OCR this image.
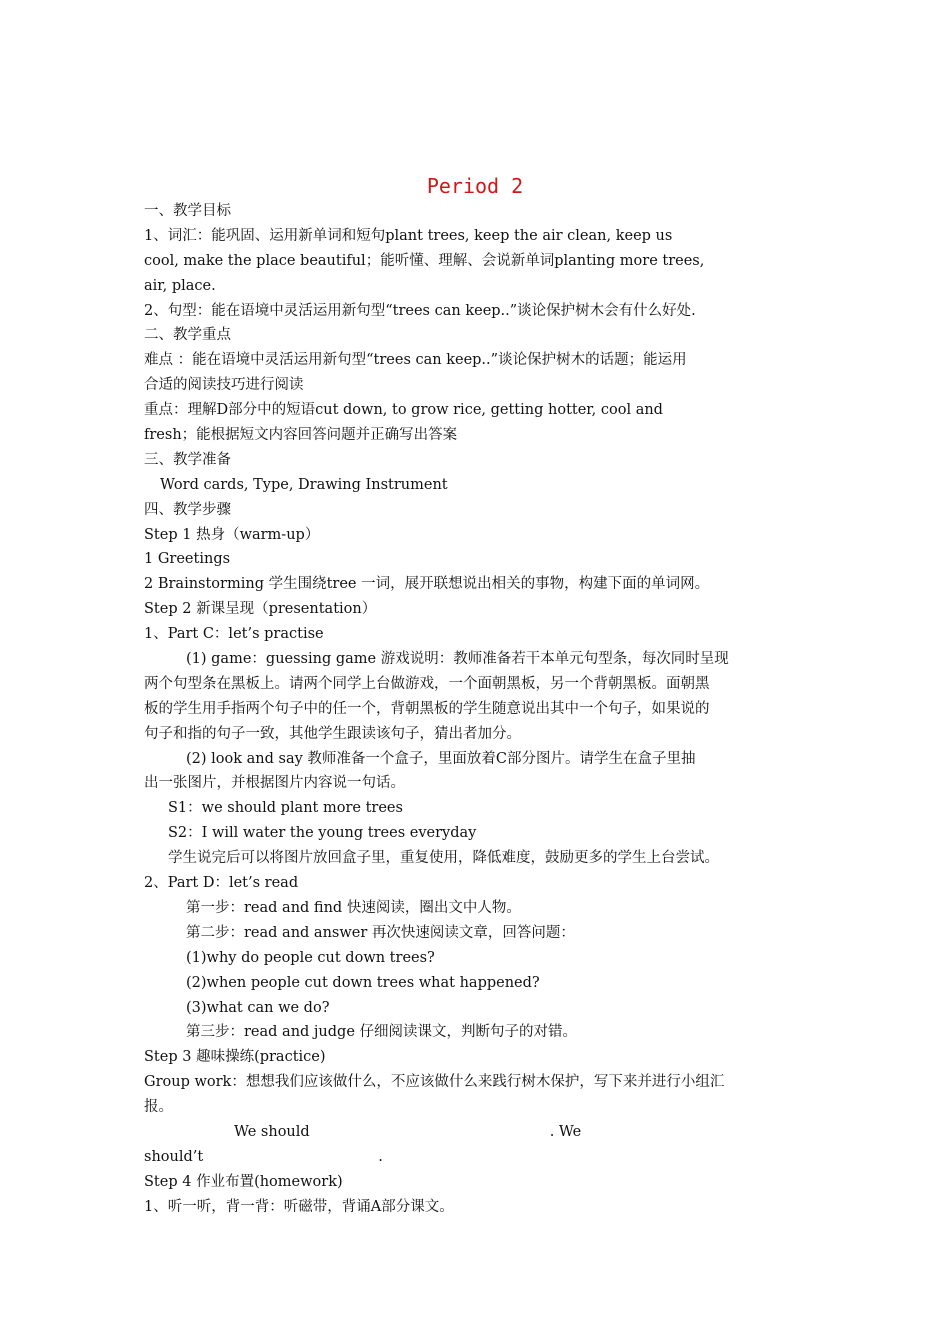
Period 2
一、教学目标
1、词汇：能巩固、运用新单词和短句plant trees, keep the air clean, keep us
cool, make the place beautiful；能听懂、理解、会说新单词planting more trees,
air, place.
2、句型：能在语境中灵活运用新句型“trees can keep..”谈论保护树木会有什么好处.
二、教学重点
难点 ：能在语境中灵活运用新句型“trees can keep..”谈论保护树木的话题；能运用
合适的阅读技巧进行阅读
重点：理解D部分中的短语cut down, to grow rice, getting hotter, cool and
fresh；能根据短文内容回答问题并正确写出答案
三、教学准备
Word cards, Type, Drawing Instrument
四、教学步骤
Step 1 热身（warm-up）
1 Greetings
2 Brainstorming 学生围绕tree 一词，展开联想说出相关的事物，构建下面的单词网。
Step 2 新课呈现（presentation）
1、Part C：let’s practise
(1) game：guessing game 游戏说明：教师准备若干本单元句型条，每次同时呈现
两个句型条在黑板上。请两个同学上台做游戏，一个面朝黑板，另一个背朝黑板。面朝黑
板的学生用手指两个句子中的任一个，背朝黑板的学生随意说出其中一个句子，如果说的
句子和指的句子一致，其他学生跟读该句子，猜出者加分。
(2) look and say 教师准备一个盒子，里面放着C部分图片。请学生在盒子里抽
出一张图片，并根据图片内容说一句话。
S1：we should plant more trees
S2：I will water the young trees everyday
学生说完后可以将图片放回盒子里，重复使用，降低难度，鼓励更多的学生上台尝试。
2、Part D：let’s read
第一步：read and find 快速阅读，圈出文中人物。
第二步：read and answer 再次快速阅读文章，回答问题：
(1)why do people cut down trees?
(2)when people cut down trees what happened?
(3)what can we do?
第三步：read and judge 仔细阅读课文，判断句子的对错。
Step 3 趣味操练(practice)
Group work：想想我们应该做什么，不应该做什么来践行树木保护，写下来并进行小组汇
报。
We should	. We
should’t	.
Step 4 作业布置(homework)
1、听一听，背一背：听磁带，背诵A部分课文。
